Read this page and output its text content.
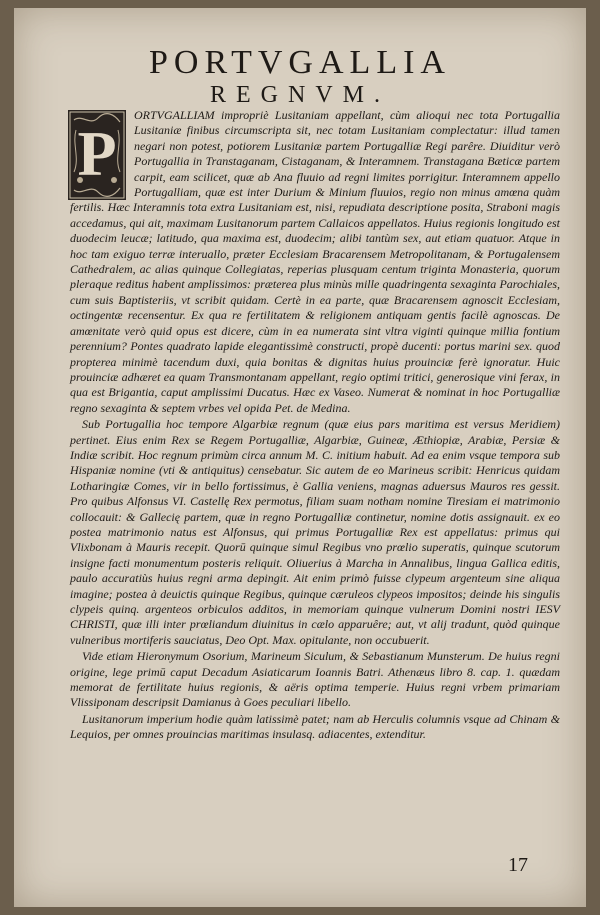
PORTVGALLIA
REGNVM.
P

ORTVGALLIAM impropriè Lusitaniam appellant, cùm alioqui nec tota Portugallia Lusitaniæ finibus circumscripta sit, nec totam Lusitaniam complectatur: illud tamen negari non potest, potiorem Lusitaniæ partem Portugalliæ Regi parêre. Diuiditur verò Portugallia in Transtaganam, Cistaganam, & Interamnem. Transtagana Bæticæ partem carpit, eam scilicet, quæ ab Ana fluuio ad regni limites porrigitur. Interamnem appello Portugalliam, quæ est inter Durium & Minium fluuios, regio non minus amœna quàm fertilis. Hæc Interamnis tota extra Lusitaniam est, nisi, repudiata descriptione posita, Straboni magis accedamus, qui ait, maximam Lusitanorum partem Callaicos appellatos. Huius regionis longitudo est duodecim leucæ; latitudo, qua maxima est, duodecim; alibi tantùm sex, aut etiam quatuor. Atque in hoc tam exiguo terræ interuallo, præter Ecclesiam Bracarensem Metropolitanam, & Portugalensem Cathedralem, ac alias quinque Collegiatas, reperias plusquam centum triginta Monasteria, quorum pleraque reditus habent amplissimos: præterea plus minùs mille quadringenta sexaginta Parochiales, cum suis Baptisteriis, vt scribit quidam. Certè in ea parte, quæ Bracarensem agnoscit Ecclesiam, octingentæ recensentur. Ex qua re fertilitatem & religionem antiquam gentis facilè agnoscas. De amœnitate verò quid opus est dicere, cùm in ea numerata sint vltra viginti quinque millia fontium perennium? Pontes quadrato lapide elegantissimè constructi, propè ducenti: portus marini sex. quod propterea minimè tacendum duxi, quia bonitas & dignitas huius prouinciæ ferè ignoratur. Huic prouinciæ adhæret ea quam Transmontanam appellant, regio optimi tritici, generosique vini ferax, in qua est Brigantia, caput amplissimi Ducatus. Hæc ex Vaseo. Numerat & nominat in hoc Portugalliæ regno sexaginta & septem vrbes vel opida Pet. de Medina.

Sub Portugallia hoc tempore Algarbiæ regnum (quæ eius pars maritima est versus Meridiem) pertinet. Eius enim Rex se Regem Portugalliæ, Algarbiæ, Guineæ, Æthiopiæ, Arabiæ, Persiæ & Indiæ scribit. Hoc regnum primùm circa annum M. C. initium habuit. Ad ea enim vsque tempora sub Hispaniæ nomine (vti & antiquitus) censebatur. Sic autem de eo Marineus scribit: Henricus quidam Lotharingiæ Comes, vir in bello fortissimus, è Gallia veniens, magnas aduersus Mauros res gessit. Pro quibus Alfonsus VI. Castellę Rex permotus, filiam suam notham nomine Tiresiam ei matrimonio collocauit: & Gallecię partem, quæ in regno Portugalliæ continetur, nomine dotis assignauit. ex eo postea matrimonio natus est Alfonsus, qui primus Portugalliæ Rex est appellatus: primus qui Vlixbonam à Mauris recepit. Quorū quinque simul Regibus vno prœlio superatis, quinque scutorum insigne facti monumentum posteris reliquit. Oliuerius à Marcha in Annalibus, lingua Gallica editis, paulo accuratiùs huius regni arma depingit. Ait enim primò fuisse clypeum argenteum sine aliqua imagine; postea à deuictis quinque Regibus, quinque cæruleos clypeos impositos; deinde his singulis clypeis quinq. argenteos orbiculos additos, in memoriam quinque vulnerum Domini nostri IESV CHRISTI, quæ illi inter prœliandum diuinitus in cælo apparuêre; aut, vt alij tradunt, quòd quinque vulneribus mortiferis sauciatus, Deo Opt. Max. opitulante, non occubuerit.

Vide etiam Hieronymum Osorium, Marineum Siculum, & Sebastianum Munsterum. De huius regni origine, lege primū caput Decadum Asiaticarum Ioannis Batri. Athenæus libro 8. cap. 1. quædam memorat de fertilitate huius regionis, & aëris optima temperie. Huius regni vrbem primariam Vlissiponam descripsit Damianus à Goes peculiari libello.

Lusitanorum imperium hodie quàm latissimè patet; nam ab Herculis columnis vsque ad Chinam & Lequios, per omnes prouincias maritimas insulasq. adiacentes, extenditur.

17
